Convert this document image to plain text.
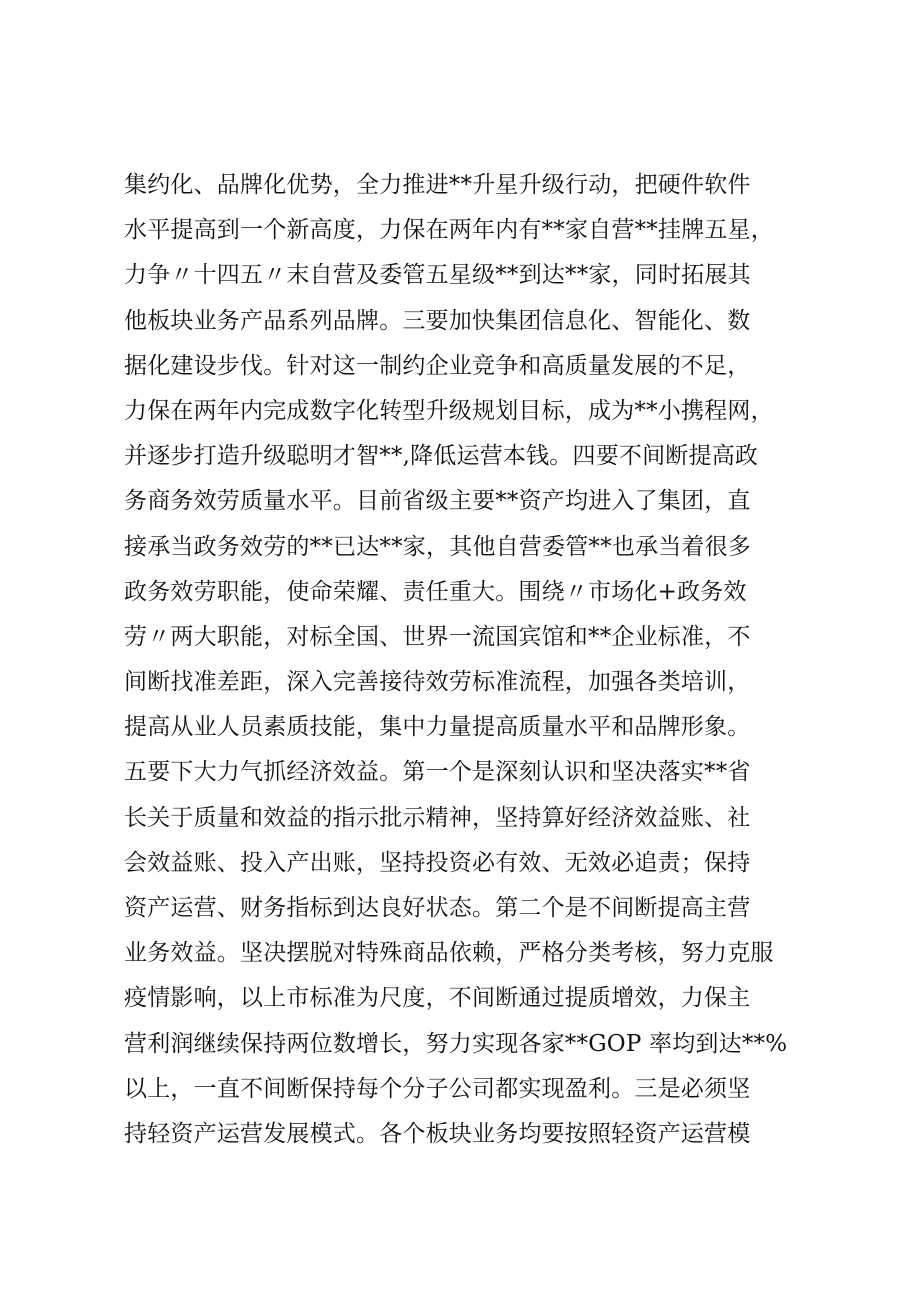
集约化、品牌化优势，全力推进**升星升级行动，把硬件软件
水平提高到一个新高度，力保在两年内有**家自营**挂牌五星，
力争〃十四五〃末自营及委管五星级**到达**家，同时拓展其
他板块业务产品系列品牌。三要加快集团信息化、智能化、数
据化建设步伐。针对这一制约企业竞争和高质量发展的不足，
力保在两年内完成数字化转型升级规划目标，成为**小携程网，
并逐步打造升级聪明才智**,降低运营本钱。四要不间断提高政
务商务效劳质量水平。目前省级主要**资产均进入了集团，直
接承当政务效劳的**已达**家，其他自营委管**也承当着很多
政务效劳职能，使命荣耀、责任重大。围绕〃市场化+政务效
劳〃两大职能，对标全国、世界一流国宾馆和**企业标准，不
间断找准差距，深入完善接待效劳标准流程，加强各类培训，
提高从业人员素质技能，集中力量提高质量水平和品牌形象。
五要下大力气抓经济效益。第一个是深刻认识和坚决落实**省
长关于质量和效益的指示批示精神，坚持算好经济效益账、社
会效益账、投入产出账，坚持投资必有效、无效必追责；保持
资产运营、财务指标到达良好状态。第二个是不间断提高主营
业务效益。坚决摆脱对特殊商品依赖，严格分类考核，努力克服
疫情影响，以上市标准为尺度，不间断通过提质增效，力保主
营利润继续保持两位数增长，努力实现各家**GOP 率均到达**%
以上，一直不间断保持每个分子公司都实现盈利。三是必须坚
持轻资产运营发展模式。各个板块业务均要按照轻资产运营模
